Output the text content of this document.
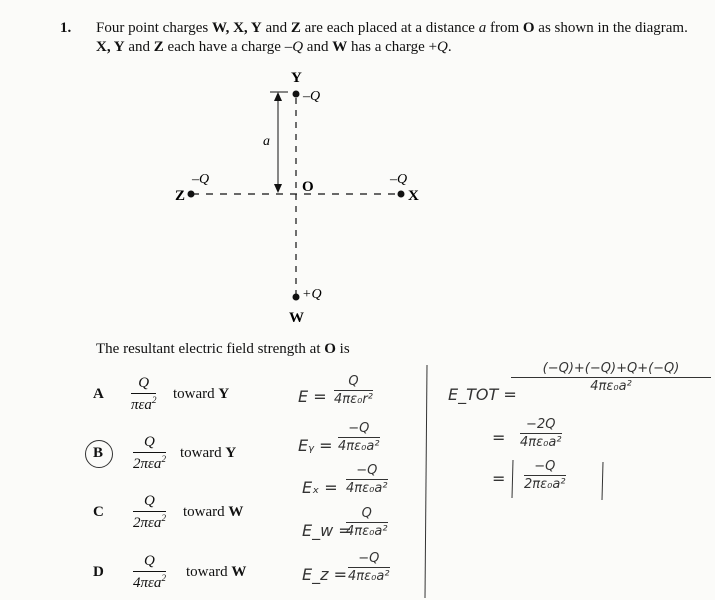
1. Four point charges W, X, Y and Z are each placed at a distance a from O as shown in the diagram.
X, Y and Z each have a charge –Q and W has a charge +Q.
Y
–Q
X
–Q
Z
–Q
W
+Q
O
a
The resultant electric field strength at O is
A
Q
πεa$^2$ toward Y
B
Q
2πεa$^2$ toward Y
C
Q
2πεa$^2$ toward W
D
Q
4πεa$^2$ toward W
E =
Q
4πε₀r²
Eᵧ =
−Q
4πε₀a²
Eₓ =
−Q
4πε₀a²
E_w =
Q
4πε₀a²
E_z =
−Q
4πε₀a²
E_TOT =
(−Q)+(−Q)+Q+(−Q)
4πε₀a²
=
−2Q
4πε₀a²
=
−Q
2πε₀a²
